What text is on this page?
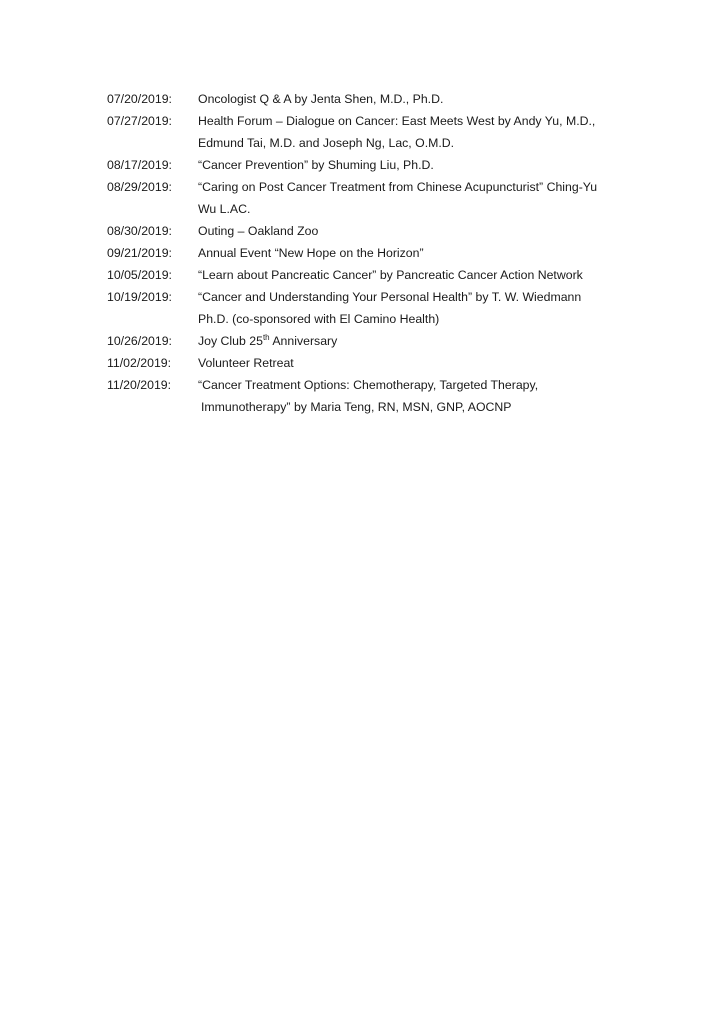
07/20/2019:	Oncologist Q & A by Jenta Shen, M.D., Ph.D.
07/27/2019:	Health Forum – Dialogue on Cancer: East Meets West by Andy Yu, M.D.,
Edmund Tai, M.D. and Joseph Ng, Lac, O.M.D.
08/17/2019:	“Cancer Prevention” by Shuming Liu, Ph.D.
08/29/2019:	“Caring on Post Cancer Treatment from Chinese Acupuncturist” Ching-Yu
Wu L.AC.
08/30/2019:	Outing – Oakland Zoo
09/21/2019:	Annual Event “New Hope on the Horizon”
10/05/2019:	“Learn about Pancreatic Cancer” by Pancreatic Cancer Action Network
10/19/2019:	“Cancer and Understanding Your Personal Health” by T. W. Wiedmann
Ph.D. (co-sponsored with El Camino Health)
10/26/2019:	Joy Club 25th Anniversary
11/02/2019:	Volunteer Retreat
11/20/2019:	“Cancer Treatment Options: Chemotherapy, Targeted Therapy,
Immunotherapy” by Maria Teng, RN, MSN, GNP, AOCNP
